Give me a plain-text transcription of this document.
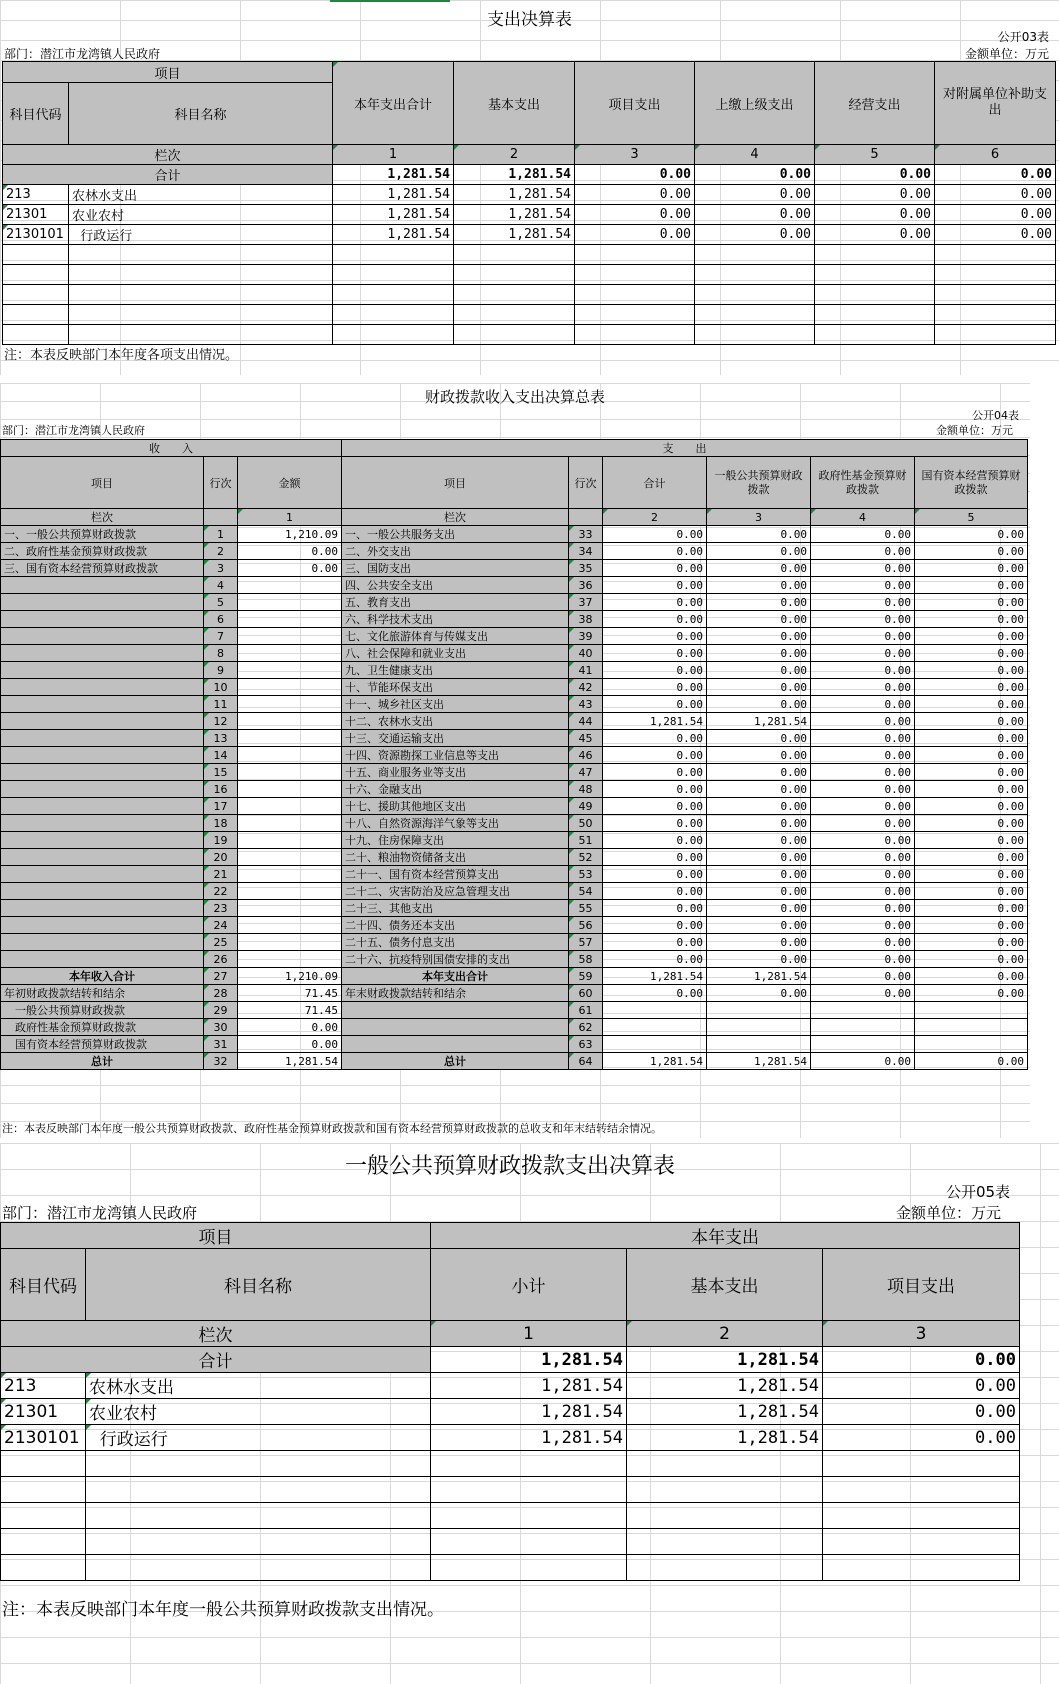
支出决算表
公开03表
部门：潜江市龙湾镇人民政府	金额单位：万元
项目		本年支出合计	基本支出	项目支出	上缴上级支出	经营支出	对附属单位补助支出
科目代码	科目名称						
栏次		1	2	3	4	5	6
合计		1,281.54	1,281.54	0.00	0.00	0.00	0.00
213	农林水支出	1,281.54	1,281.54	0.00	0.00	0.00	0.00
21301	农业农村	1,281.54	1,281.54	0.00	0.00	0.00	0.00
2130101	行政运行	1,281.54	1,281.54	0.00	0.00	0.00	0.00

注：本表反映部门本年度各项支出情况。
财政拨款收入支出决算总表
公开04表
部门：潜江市龙湾镇人民政府	金额单位：万元
收　　入			支　　出					
项目	行次	金额	项目	行次	合计	一般公共预算财政拨款	政府性基金预算财政拨款	国有资本经营预算财政拨款
栏次		1	栏次		2	3	4	5
一、一般公共预算财政拨款	1	1,210.09	一、一般公共服务支出	33	0.00	0.00	0.00	0.00
二、政府性基金预算财政拨款	2	0.00	二、外交支出	34	0.00	0.00	0.00	0.00
三、国有资本经营预算财政拨款	3	0.00	三、国防支出	35	0.00	0.00	0.00	0.00
	4		四、公共安全支出	36	0.00	0.00	0.00	0.00
	5		五、教育支出	37	0.00	0.00	0.00	0.00
	6		六、科学技术支出	38	0.00	0.00	0.00	0.00
	7		七、文化旅游体育与传媒支出	39	0.00	0.00	0.00	0.00
	8		八、社会保障和就业支出	40	0.00	0.00	0.00	0.00
	9		九、卫生健康支出	41	0.00	0.00	0.00	0.00
	10		十、节能环保支出	42	0.00	0.00	0.00	0.00
	11		十一、城乡社区支出	43	0.00	0.00	0.00	0.00
	12		十二、农林水支出	44	1,281.54	1,281.54	0.00	0.00
	13		十三、交通运输支出	45	0.00	0.00	0.00	0.00
	14		十四、资源勘探工业信息等支出	46	0.00	0.00	0.00	0.00
	15		十五、商业服务业等支出	47	0.00	0.00	0.00	0.00
	16		十六、金融支出	48	0.00	0.00	0.00	0.00
	17		十七、援助其他地区支出	49	0.00	0.00	0.00	0.00
	18		十八、自然资源海洋气象等支出	50	0.00	0.00	0.00	0.00
	19		十九、住房保障支出	51	0.00	0.00	0.00	0.00
	20		二十、粮油物资储备支出	52	0.00	0.00	0.00	0.00
	21		二十一、国有资本经营预算支出	53	0.00	0.00	0.00	0.00
	22		二十二、灾害防治及应急管理支出	54	0.00	0.00	0.00	0.00
	23		二十三、其他支出	55	0.00	0.00	0.00	0.00
	24		二十四、债务还本支出	56	0.00	0.00	0.00	0.00
	25		二十五、债务付息支出	57	0.00	0.00	0.00	0.00
	26		二十六、抗疫特别国债安排的支出	58	0.00	0.00	0.00	0.00
本年收入合计	27	1,210.09	本年支出合计	59	1,281.54	1,281.54	0.00	0.00
年初财政拨款结转和结余	28	71.45	年末财政拨款结转和结余	60	0.00	0.00	0.00	0.00
　一般公共预算财政拨款	29	71.45		61				
　政府性基金预算财政拨款	30	0.00		62				
　国有资本经营预算财政拨款	31	0.00		63				
总计	32	1,281.54	总计	64	1,281.54	1,281.54	0.00	0.00
注：本表反映部门本年度一般公共预算财政拨款、政府性基金预算财政拨款和国有资本经营预算财政拨款的总收支和年末结转结余情况。
一般公共预算财政拨款支出决算表
公开05表
部门：潜江市龙湾镇人民政府	金额单位：万元
项目		本年支出		
科目代码	科目名称	小计	基本支出	项目支出
栏次		1	2	3
合计		1,281.54	1,281.54	0.00
213	农林水支出	1,281.54	1,281.54	0.00
21301	农业农村	1,281.54	1,281.54	0.00
2130101	行政运行	1,281.54	1,281.54	0.00

注：本表反映部门本年度一般公共预算财政拨款支出情况。
